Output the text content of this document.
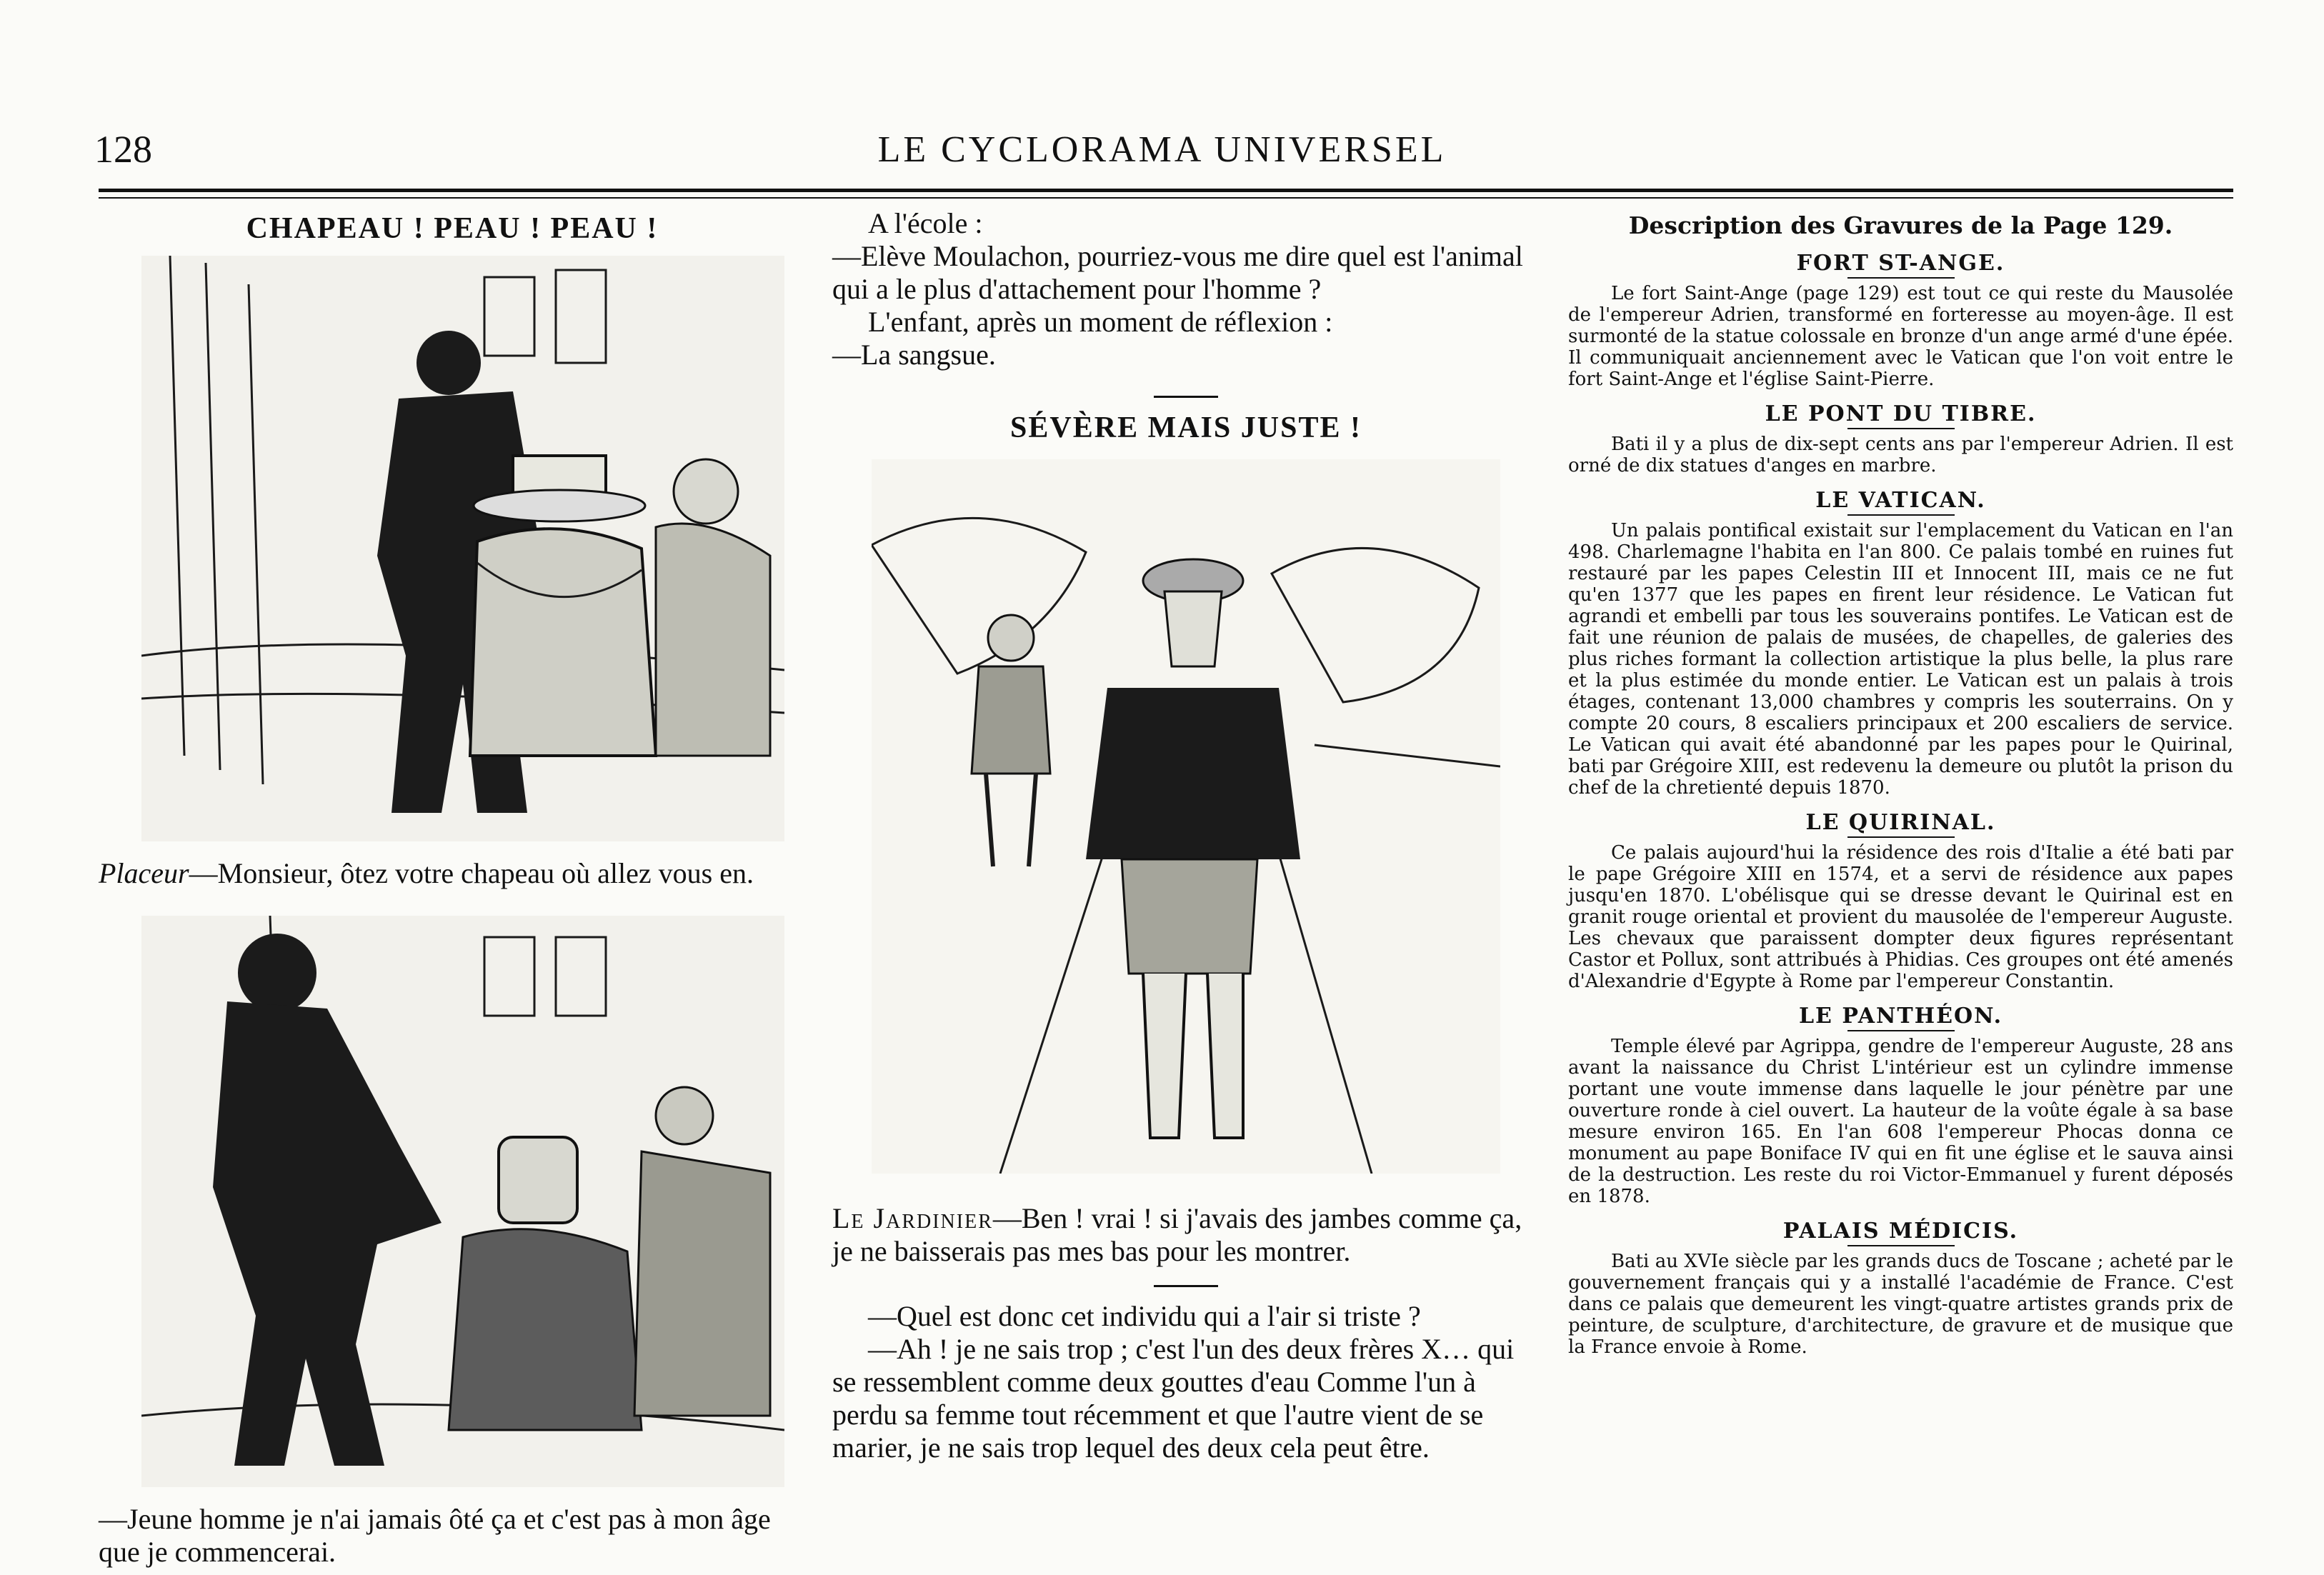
128	LE CYCLORAMA UNIVERSEL
CHAPEAU ! PEAU ! PEAU !

Placeur—Monsieur, ôtez votre chapeau où allez vous en.

—Jeune homme je n'ai jamais ôté ça et c'est pas à mon âge que je commencerai.

A l'école :
—Elève Moulachon, pourriez-vous me dire quel est l'animal qui a le plus d'attachement pour l'homme ?
L'enfant, après un moment de réflexion :
—La sangsue.
SÉVÈRE MAIS JUSTE !

Le Jardinier—Ben ! vrai ! si j'avais des jambes comme ça, je ne baisserais pas mes bas pour les montrer.

—Quel est donc cet individu qui a l'air si triste ?
—Ah ! je ne sais trop ; c'est l'un des deux frères X… qui se ressemblent comme deux gouttes d'eau Comme l'un à perdu sa femme tout récemment et que l'autre vient de se marier, je ne sais trop lequel des deux cela peut être.
Description des Gravures de la Page 129.
FORT ST-ANGE.

Le fort Saint-Ange (page 129) est tout ce qui reste du Mausolée de l'empereur Adrien, transformé en forteresse au moyen-âge. Il est surmonté de la statue colossale en bronze d'un ange armé d'une épée. Il communiquait anciennement avec le Vatican que l'on voit entre le fort Saint-Ange et l'église Saint-Pierre.

LE PONT DU TIBRE.

Bati il y a plus de dix-sept cents ans par l'empereur Adrien. Il est orné de dix statues d'anges en marbre.

LE VATICAN.

Un palais pontifical existait sur l'emplacement du Vatican en l'an 498. Charlemagne l'habita en l'an 800. Ce palais tombé en ruines fut restauré par les papes Celestin III et Innocent III, mais ce ne fut qu'en 1377 que les papes en firent leur résidence. Le Vatican fut agrandi et embelli par tous les souverains pontifes. Le Vatican est de fait une réunion de palais de musées, de chapelles, de galeries des plus riches formant la collection artistique la plus belle, la plus rare et la plus estimée du monde entier. Le Vatican est un palais à trois étages, contenant 13,000 chambres y compris les souterrains. On y compte 20 cours, 8 escaliers principaux et 200 escaliers de service. Le Vatican qui avait été abandonné par les papes pour le Quirinal, bati par Grégoire XIII, est redevenu la demeure ou plutôt la prison du chef de la chretienté depuis 1870.

LE QUIRINAL.

Ce palais aujourd'hui la résidence des rois d'Italie a été bati par le pape Grégoire XIII en 1574, et a servi de résidence aux papes jusqu'en 1870. L'obélisque qui se dresse devant le Quirinal est en granit rouge oriental et provient du mausolée de l'empereur Auguste. Les chevaux que paraissent dompter deux figures représentant Castor et Pollux, sont attribués à Phidias. Ces groupes ont été amenés d'Alexandrie d'Egypte à Rome par l'empereur Constantin.

LE PANTHÉON.

Temple élevé par Agrippa, gendre de l'empereur Auguste, 28 ans avant la naissance du Christ L'intérieur est un cylindre immense portant une voute immense dans laquelle le jour pénètre par une ouverture ronde à ciel ouvert. La hauteur de la voûte égale à sa base mesure environ 165. En l'an 608 l'empereur Phocas donna ce monument au pape Boniface IV qui en fit une église et le sauva ainsi de la destruction. Les reste du roi Victor-Emmanuel y furent déposés en 1878.

PALAIS MÉDICIS.

Bati au XVIe siècle par les grands ducs de Toscane ; acheté par le gouvernement français qui y a installé l'académie de France. C'est dans ce palais que demeurent les vingt-quatre artistes grands prix de peinture, de sculpture, d'architecture, de gravure et de musique que la France envoie à Rome.
